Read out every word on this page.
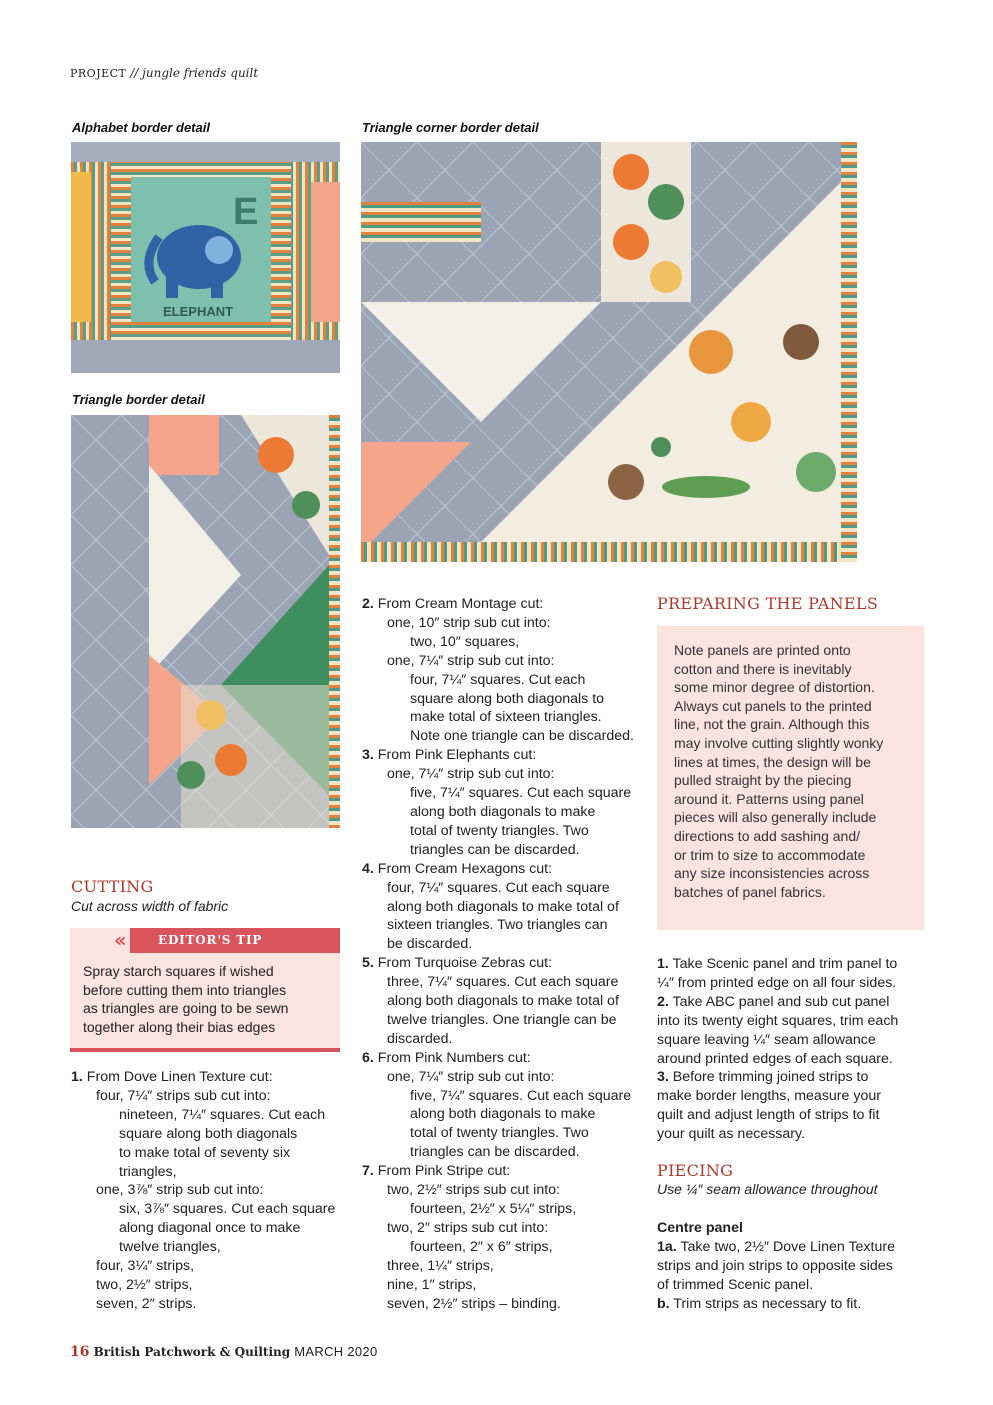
PROJECT // jungle friends quilt
Alphabet border detail	Triangle corner border detail
Triangle border detail
E
ELEPHANT
CUTTING
Cut across width of fabric
‹‹	EDITOR'S TIP
Spray starch squares if wished
before cutting them into triangles
as triangles are going to be sewn
together along their bias edges
1. From Dove Linen Texture cut:
four, 7¼″ strips sub cut into:
nineteen, 7¼″ squares. Cut each
square along both diagonals
to make total of seventy six
triangles,
one, 3⅞″ strip sub cut into:
six, 3⅞″ squares. Cut each square
along diagonal once to make
twelve triangles,
four, 3¼″ strips,
two, 2½″ strips,
seven, 2″ strips.
2. From Cream Montage cut:
one, 10″ strip sub cut into:
two, 10″ squares,
one, 7¼″ strip sub cut into:
four, 7¼″ squares. Cut each
square along both diagonals to
make total of sixteen triangles.
Note one triangle can be discarded.
3. From Pink Elephants cut:
one, 7¼″ strip sub cut into:
five, 7¼″ squares. Cut each square
along both diagonals to make
total of twenty triangles. Two
triangles can be discarded.
4. From Cream Hexagons cut:
four, 7¼″ squares. Cut each square
along both diagonals to make total of
sixteen triangles. Two triangles can
be discarded.
5. From Turquoise Zebras cut:
three, 7¼″ squares. Cut each square
along both diagonals to make total of
twelve triangles. One triangle can be
discarded.
6. From Pink Numbers cut:
one, 7¼″ strip sub cut into:
five, 7¼″ squares. Cut each square
along both diagonals to make
total of twenty triangles. Two
triangles can be discarded.
7. From Pink Stripe cut:
two, 2½″ strips sub cut into:
fourteen, 2½″ x 5¼″ strips,
two, 2″ strips sub cut into:
fourteen, 2″ x 6″ strips,
three, 1¼″ strips,
nine, 1″ strips,
seven, 2½″ strips – binding.
PREPARING THE PANELS
Note panels are printed onto
cotton and there is inevitably
some minor degree of distortion.
Always cut panels to the printed
line, not the grain. Although this
may involve cutting slightly wonky
lines at times, the design will be
pulled straight by the piecing
around it. Patterns using panel
pieces will also generally include
directions to add sashing and/
or trim to size to accommodate
any size inconsistencies across
batches of panel fabrics.
1. Take Scenic panel and trim panel to
¼″ from printed edge on all four sides.
2. Take ABC panel and sub cut panel
into its twenty eight squares, trim each
square leaving ¼″ seam allowance
around printed edges of each square.
3. Before trimming joined strips to
make border lengths, measure your
quilt and adjust length of strips to fit
your quilt as necessary.
PIECING
Use ¼″ seam allowance throughout
Centre panel
1a. Take two, 2½″ Dove Linen Texture
strips and join strips to opposite sides
of trimmed Scenic panel.
b. Trim strips as necessary to fit.
16 British Patchwork & Quilting MARCH 2020
